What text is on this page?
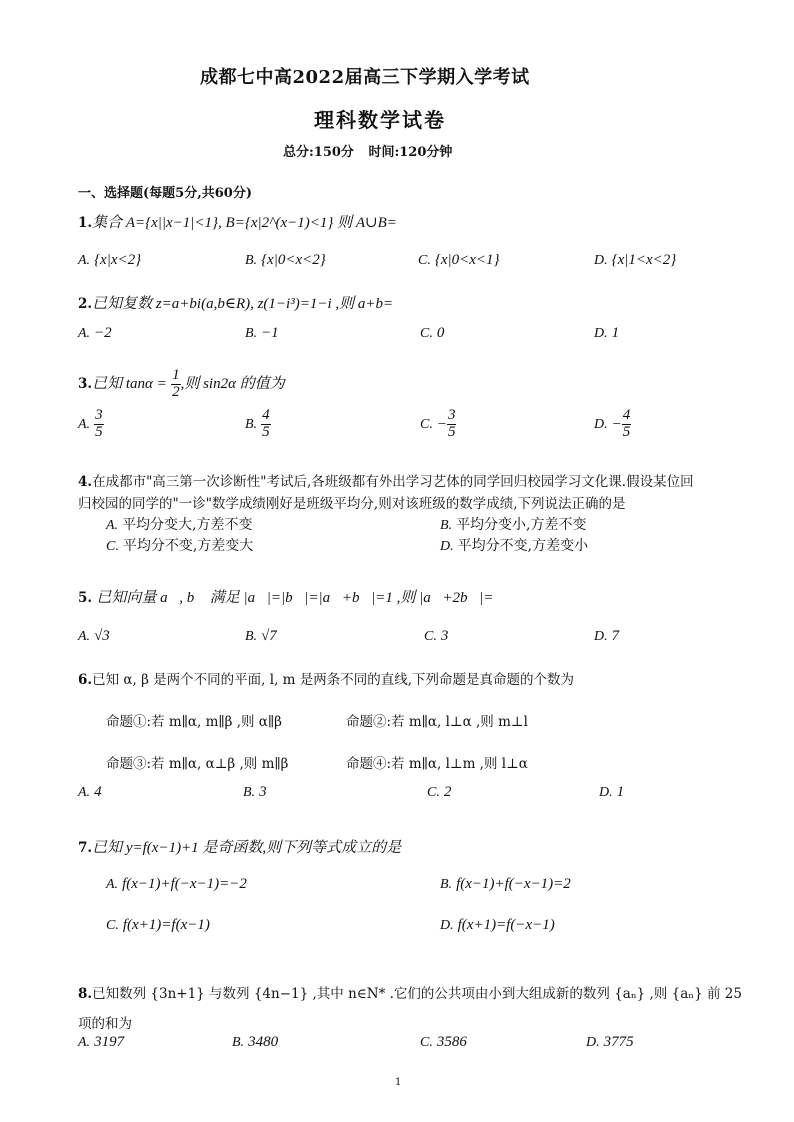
成都七中高2022届高三下学期入学考试
理科数学试卷
总分:150分 时间:120分钟
一、选择题(每题5分,共60分)
1.集合 A={x||x−1|<1}, B={x|2^(x−1)<1} 则 A∪B=
A. {x|x<2}	B. {x|0<x<2}	C. {x|0<x<1}	D. {x|1<x<2}
2.已知复数 z=a+bi(a,b∈R), z(1−i³)=1−i ,则 a+b=
A. −2	B. −1	C. 0	D. 1
3.已知 $\tan\alpha = \frac{1}{2}$ ,则 sin2α 的值为
A. $\frac{3}{5}$	B. $\frac{4}{5}$	C. − $\frac{3}{5}$	D. − $\frac{4}{5}$
4.在成都市"高三第一次诊断性"考试后,各班级都有外出学习艺体的同学回归校园学习文化课.假设某位回
归校园的同学的"一诊"数学成绩刚好是班级平均分,则对该班级的数学成绩,下列说法正确的是
A. 平均分变大,方差不变	B. 平均分变小,方差不变
C. 平均分不变,方差变大	D. 平均分不变,方差变小
5. 已知向量 a⃗, b⃗ 满足 |a⃗|=|b⃗|=|a⃗+b⃗|=1 ,则 |a⃗+2b⃗|=
A. √3	B. √7	C. 3	D. 7
6.已知 α, β 是两个不同的平面, l, m 是两条不同的直线,下列命题是真命题的个数为
命题①:若 m∥α, m∥β ,则 α∥β	命题②:若 m∥α, l⊥α ,则 m⊥l
命题③:若 m∥α, α⊥β ,则 m∥β	命题④:若 m∥α, l⊥m ,则 l⊥α
A. 4	B. 3	C. 2	D. 1
7.已知 y=f(x−1)+1 是奇函数,则下列等式成立的是
A. f(x−1)+f(−x−1)=−2	B. f(x−1)+f(−x−1)=2
C. f(x+1)=f(x−1)	D. f(x+1)=f(−x−1)
8.已知数列 {3n+1} 与数列 {4n−1} ,其中 n∈N* .它们的公共项由小到大组成新的数列 {aₙ} ,则 {aₙ} 前 25
项的和为
A. 3197	B. 3480	C. 3586	D. 3775
1
